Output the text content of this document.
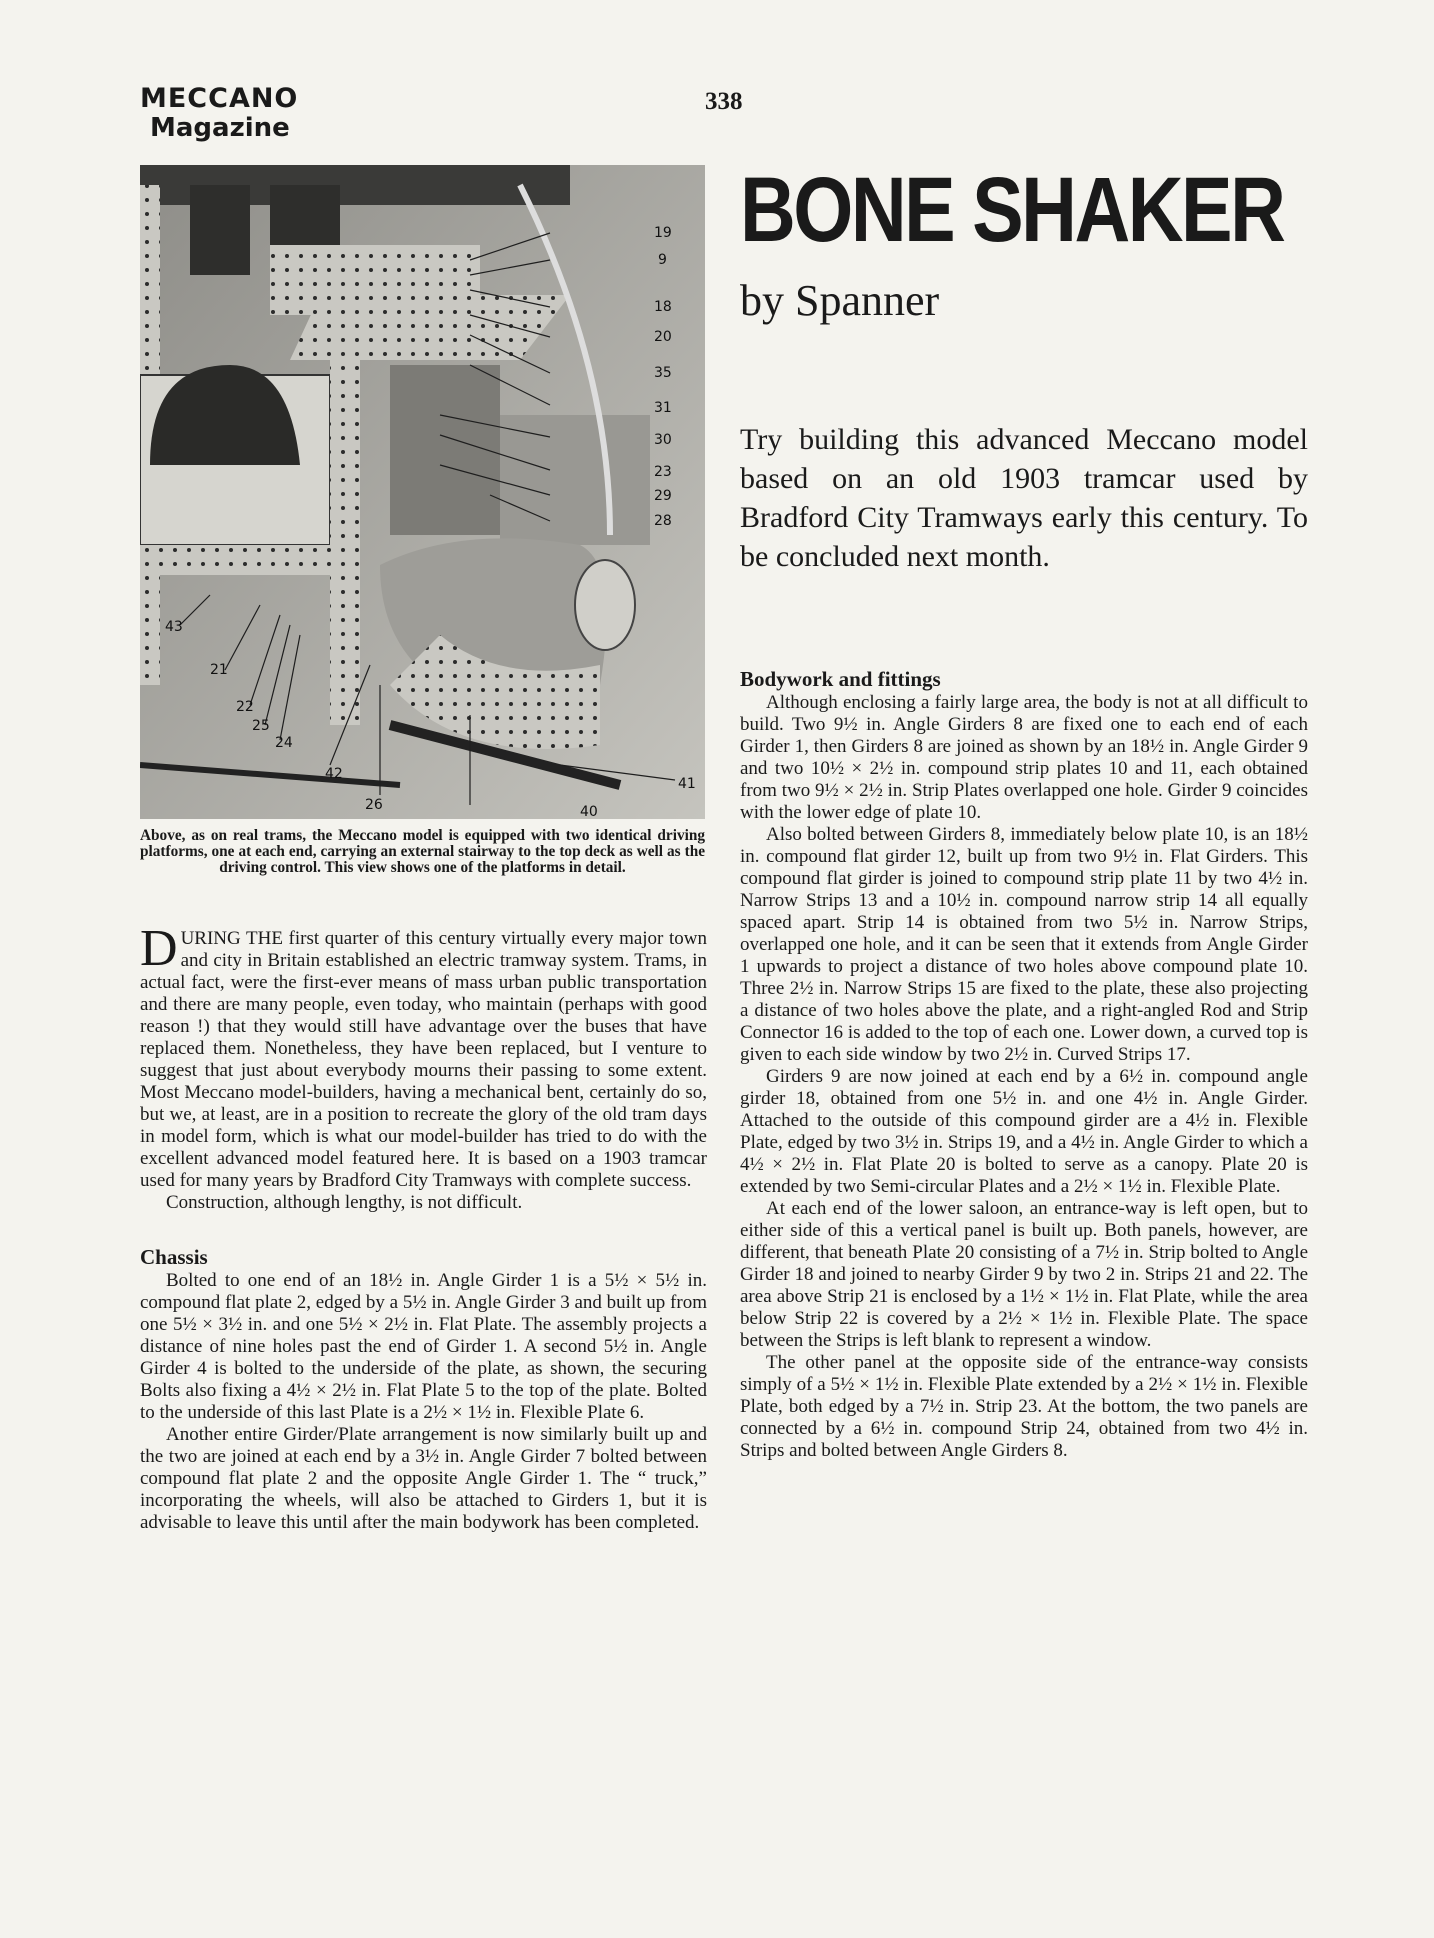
MECCANO
Magazine
338
19
9
18
20
35
31
30
23
29
28
43
21
22
25
24
42
26	40
41
Above, as on real trams, the Meccano model is equipped with two identical driving platforms, one at each end, carrying an external stairway to the top deck as well as the driving control. This view shows one of the platforms in detail.
BONE SHAKER
by Spanner
Try building this advanced Meccano model based on an old 1903 tramcar used by Bradford City Tramways early this century. To be concluded next month.

DURING THE first quarter of this century virtually every major town and city in Britain established an electric tramway system. Trams, in actual fact, were the first-ever means of mass urban public transportation and there are many people, even today, who maintain (perhaps with good reason !) that they would still have advantage over the buses that have replaced them. Nonetheless, they have been replaced, but I venture to suggest that just about everybody mourns their passing to some extent. Most Meccano model-builders, having a mechanical bent, certainly do so, but we, at least, are in a position to recreate the glory of the old tram days in model form, which is what our model-builder has tried to do with the excellent advanced model featured here. It is based on a 1903 tramcar used for many years by Bradford City Tramways with complete success.

Construction, although lengthy, is not difficult.

Chassis

Bolted to one end of an 18½ in. Angle Girder 1 is a 5½ × 5½ in. compound flat plate 2, edged by a 5½ in. Angle Girder 3 and built up from one 5½ × 3½ in. and one 5½ × 2½ in. Flat Plate. The assembly projects a distance of nine holes past the end of Girder 1. A second 5½ in. Angle Girder 4 is bolted to the underside of the plate, as shown, the securing Bolts also fixing a 4½ × 2½ in. Flat Plate 5 to the top of the plate. Bolted to the underside of this last Plate is a 2½ × 1½ in. Flexible Plate 6.

Another entire Girder/Plate arrangement is now similarly built up and the two are joined at each end by a 3½ in. Angle Girder 7 bolted between compound flat plate 2 and the opposite Angle Girder 1. The “ truck,” incorporating the wheels, will also be attached to Girders 1, but it is advisable to leave this until after the main bodywork has been completed.

Bodywork and fittings

Although enclosing a fairly large area, the body is not at all difficult to build. Two 9½ in. Angle Girders 8 are fixed one to each end of each Girder 1, then Girders 8 are joined as shown by an 18½ in. Angle Girder 9 and two 10½ × 2½ in. compound strip plates 10 and 11, each obtained from two 9½ × 2½ in. Strip Plates overlapped one hole. Girder 9 coincides with the lower edge of plate 10.

Also bolted between Girders 8, immediately below plate 10, is an 18½ in. compound flat girder 12, built up from two 9½ in. Flat Girders. This compound flat girder is joined to compound strip plate 11 by two 4½ in. Narrow Strips 13 and a 10½ in. compound narrow strip 14 all equally spaced apart. Strip 14 is obtained from two 5½ in. Narrow Strips, overlapped one hole, and it can be seen that it extends from Angle Girder 1 upwards to project a distance of two holes above compound plate 10. Three 2½ in. Narrow Strips 15 are fixed to the plate, these also projecting a distance of two holes above the plate, and a right-angled Rod and Strip Connector 16 is added to the top of each one. Lower down, a curved top is given to each side window by two 2½ in. Curved Strips 17.

Girders 9 are now joined at each end by a 6½ in. compound angle girder 18, obtained from one 5½ in. and one 4½ in. Angle Girder. Attached to the outside of this compound girder are a 4½ in. Flexible Plate, edged by two 3½ in. Strips 19, and a 4½ in. Angle Girder to which a 4½ × 2½ in. Flat Plate 20 is bolted to serve as a canopy. Plate 20 is extended by two Semi-circular Plates and a 2½ × 1½ in. Flexible Plate.

At each end of the lower saloon, an entrance-way is left open, but to either side of this a vertical panel is built up. Both panels, however, are different, that beneath Plate 20 consisting of a 7½ in. Strip bolted to Angle Girder 18 and joined to nearby Girder 9 by two 2 in. Strips 21 and 22. The area above Strip 21 is enclosed by a 1½ × 1½ in. Flat Plate, while the area below Strip 22 is covered by a 2½ × 1½ in. Flexible Plate. The space between the Strips is left blank to represent a window.

The other panel at the opposite side of the entrance-way consists simply of a 5½ × 1½ in. Flexible Plate extended by a 2½ × 1½ in. Flexible Plate, both edged by a 7½ in. Strip 23. At the bottom, the two panels are connected by a 6½ in. compound Strip 24, obtained from two 4½ in. Strips and bolted between Angle Girders 8.
